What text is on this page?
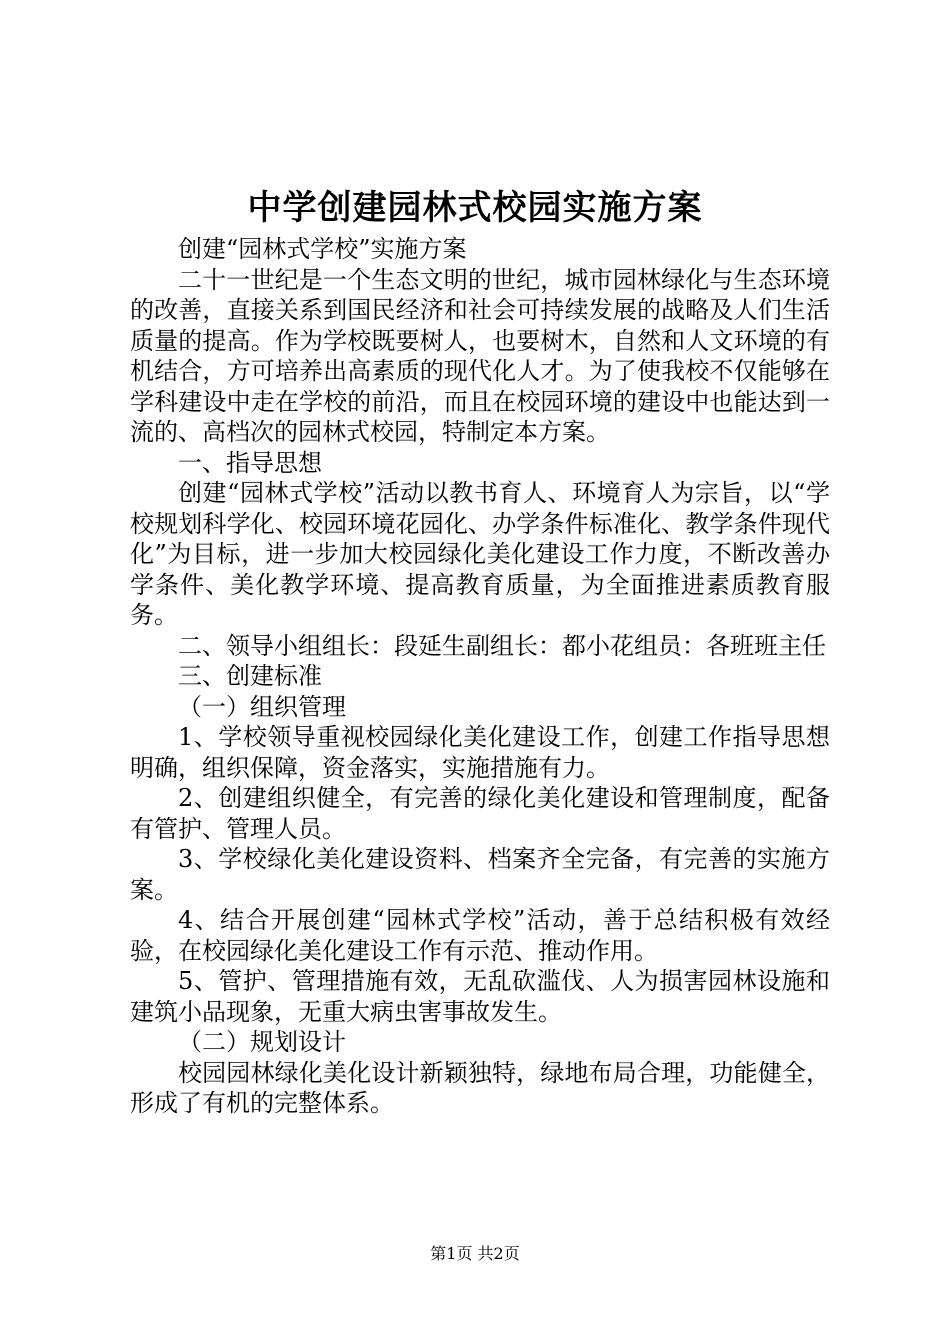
中学创建园林式校园实施方案

创建“园林式学校”实施方案

二十一世纪是一个生态文明的世纪，城市园林绿化与生态环境的改善，直接关系到国民经济和社会可持续发展的战略及人们生活质量的提高。作为学校既要树人，也要树木，自然和人文环境的有机结合，方可培养出高素质的现代化人才。为了使我校不仅能够在学科建设中走在学校的前沿，而且在校园环境的建设中也能达到一流的、高档次的园林式校园，特制定本方案。

一、指导思想

创建“园林式学校”活动以教书育人、环境育人为宗旨，以“学校规划科学化、校园环境花园化、办学条件标准化、教学条件现代化”为目标，进一步加大校园绿化美化建设工作力度，不断改善办学条件、美化教学环境、提高教育质量，为全面推进素质教育服务。

二、领导小组组长：段延生副组长：都小花组员：各班班主任

三、创建标准

（一）组织管理

1、学校领导重视校园绿化美化建设工作，创建工作指导思想明确，组织保障，资金落实，实施措施有力。

2、创建组织健全，有完善的绿化美化建设和管理制度，配备有管护、管理人员。

3、学校绿化美化建设资料、档案齐全完备，有完善的实施方案。

4、结合开展创建“园林式学校”活动，善于总结积极有效经验，在校园绿化美化建设工作有示范、推动作用。

5、管护、管理措施有效，无乱砍滥伐、人为损害园林设施和建筑小品现象，无重大病虫害事故发生。

（二）规划设计

校园园林绿化美化设计新颖独特，绿地布局合理，功能健全，形成了有机的完整体系。

第1页 共2页
